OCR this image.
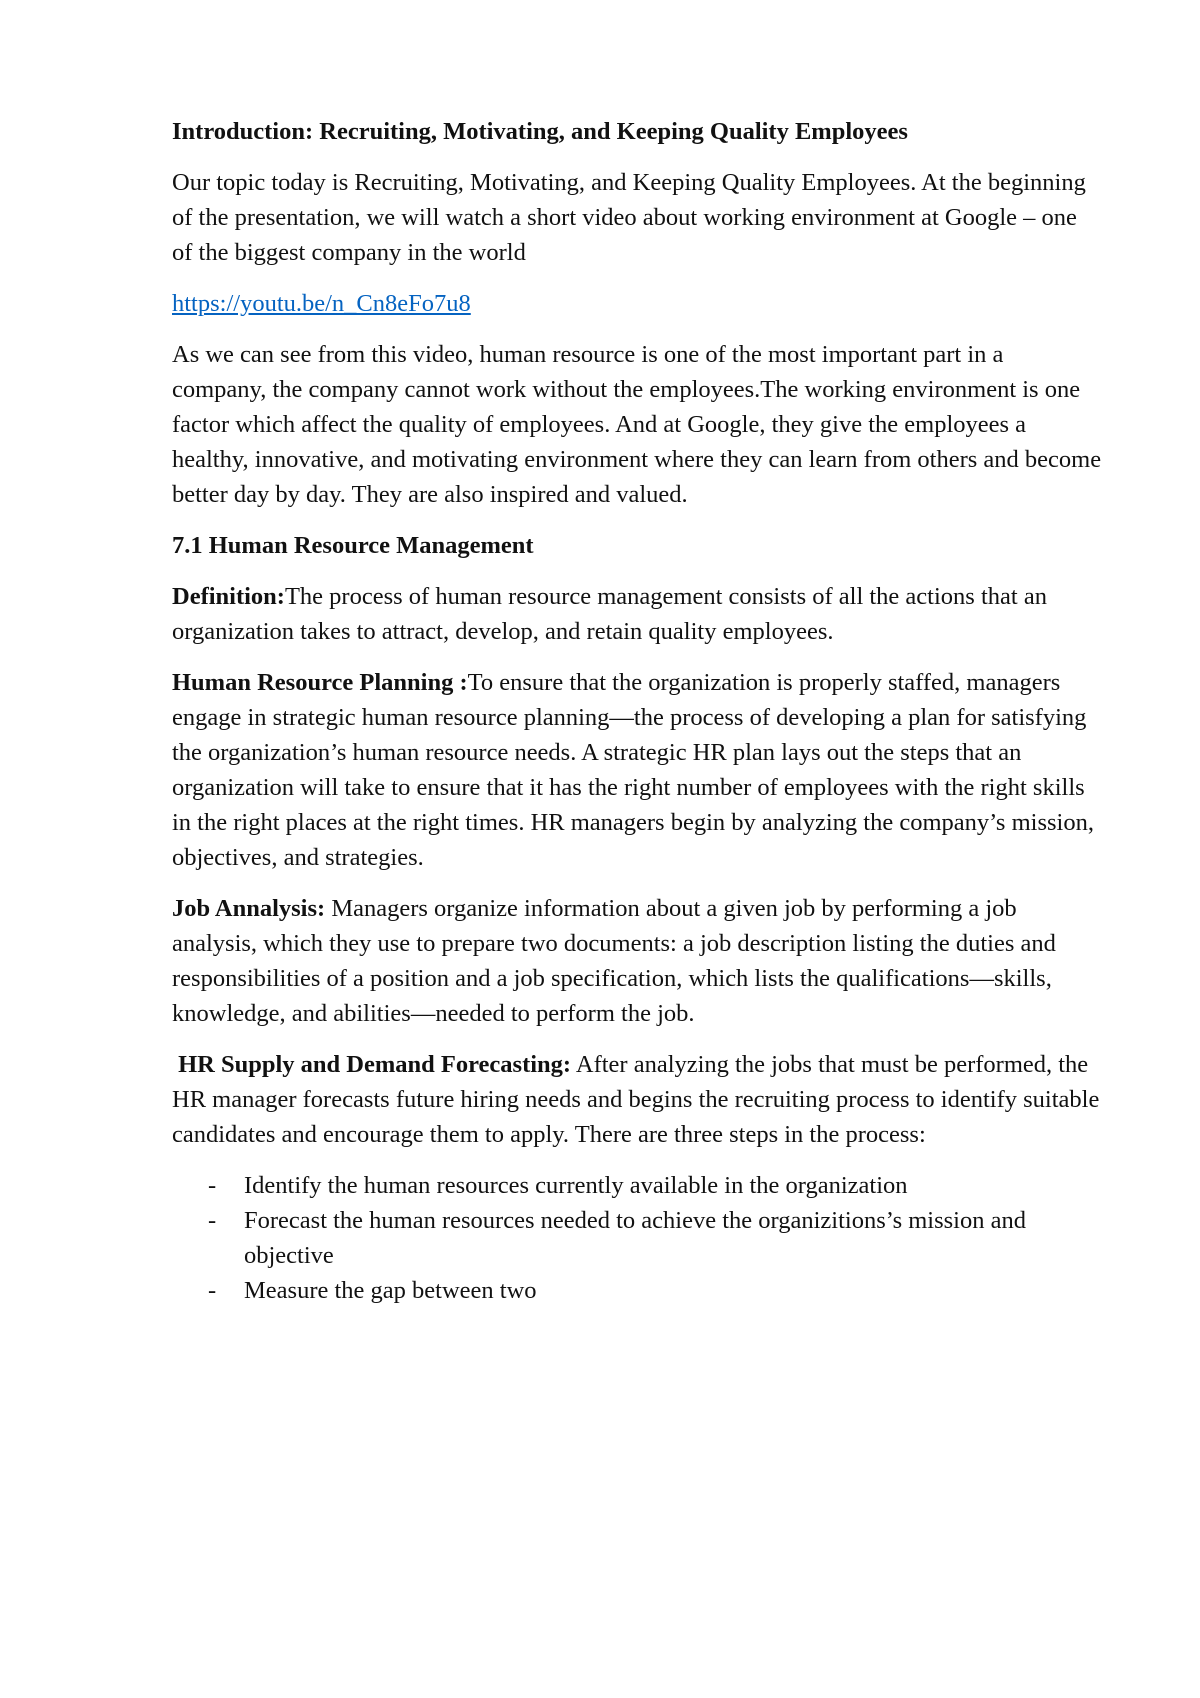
Introduction: Recruiting, Motivating, and Keeping Quality Employees

Our topic today is Recruiting, Motivating, and Keeping Quality Employees. At the beginning of the presentation, we will watch a short video about working environment at Google – one of the biggest company in the world

https://youtu.be/n_Cn8eFo7u8

As we can see from this video, human resource is one of the most important part in a company, the company cannot work without the employees.The working environment is one factor which affect the quality of employees. And at Google, they give the employees a healthy, innovative, and motivating environment where they can learn from others and become better day by day. They are also inspired and valued.

7.1 Human Resource Management

Definition:The process of human resource management consists of all the actions that an organization takes to attract, develop, and retain quality employees.

Human Resource Planning :To ensure that the organization is properly staffed, managers engage in strategic human resource planning—the process of developing a plan for satisfying the organization’s human resource needs. A strategic HR plan lays out the steps that an organization will take to ensure that it has the right number of employees with the right skills in the right places at the right times. HR managers begin by analyzing the company’s mission, objectives, and strategies.

Job Annalysis: Managers organize information about a given job by performing a job analysis, which they use to prepare two documents: a job description listing the duties and responsibilities of a position and a job specification, which lists the qualifications—skills, knowledge, and abilities—needed to perform the job.

HR Supply and Demand Forecasting: After analyzing the jobs that must be performed, the HR manager forecasts future hiring needs and begins the recruiting process to identify suitable candidates and encourage them to apply. There are three steps in the process:

- Identify the human resources currently available in the organization
- Forecast the human resources needed to achieve the organizitions’s mission and objective
- Measure the gap between two
